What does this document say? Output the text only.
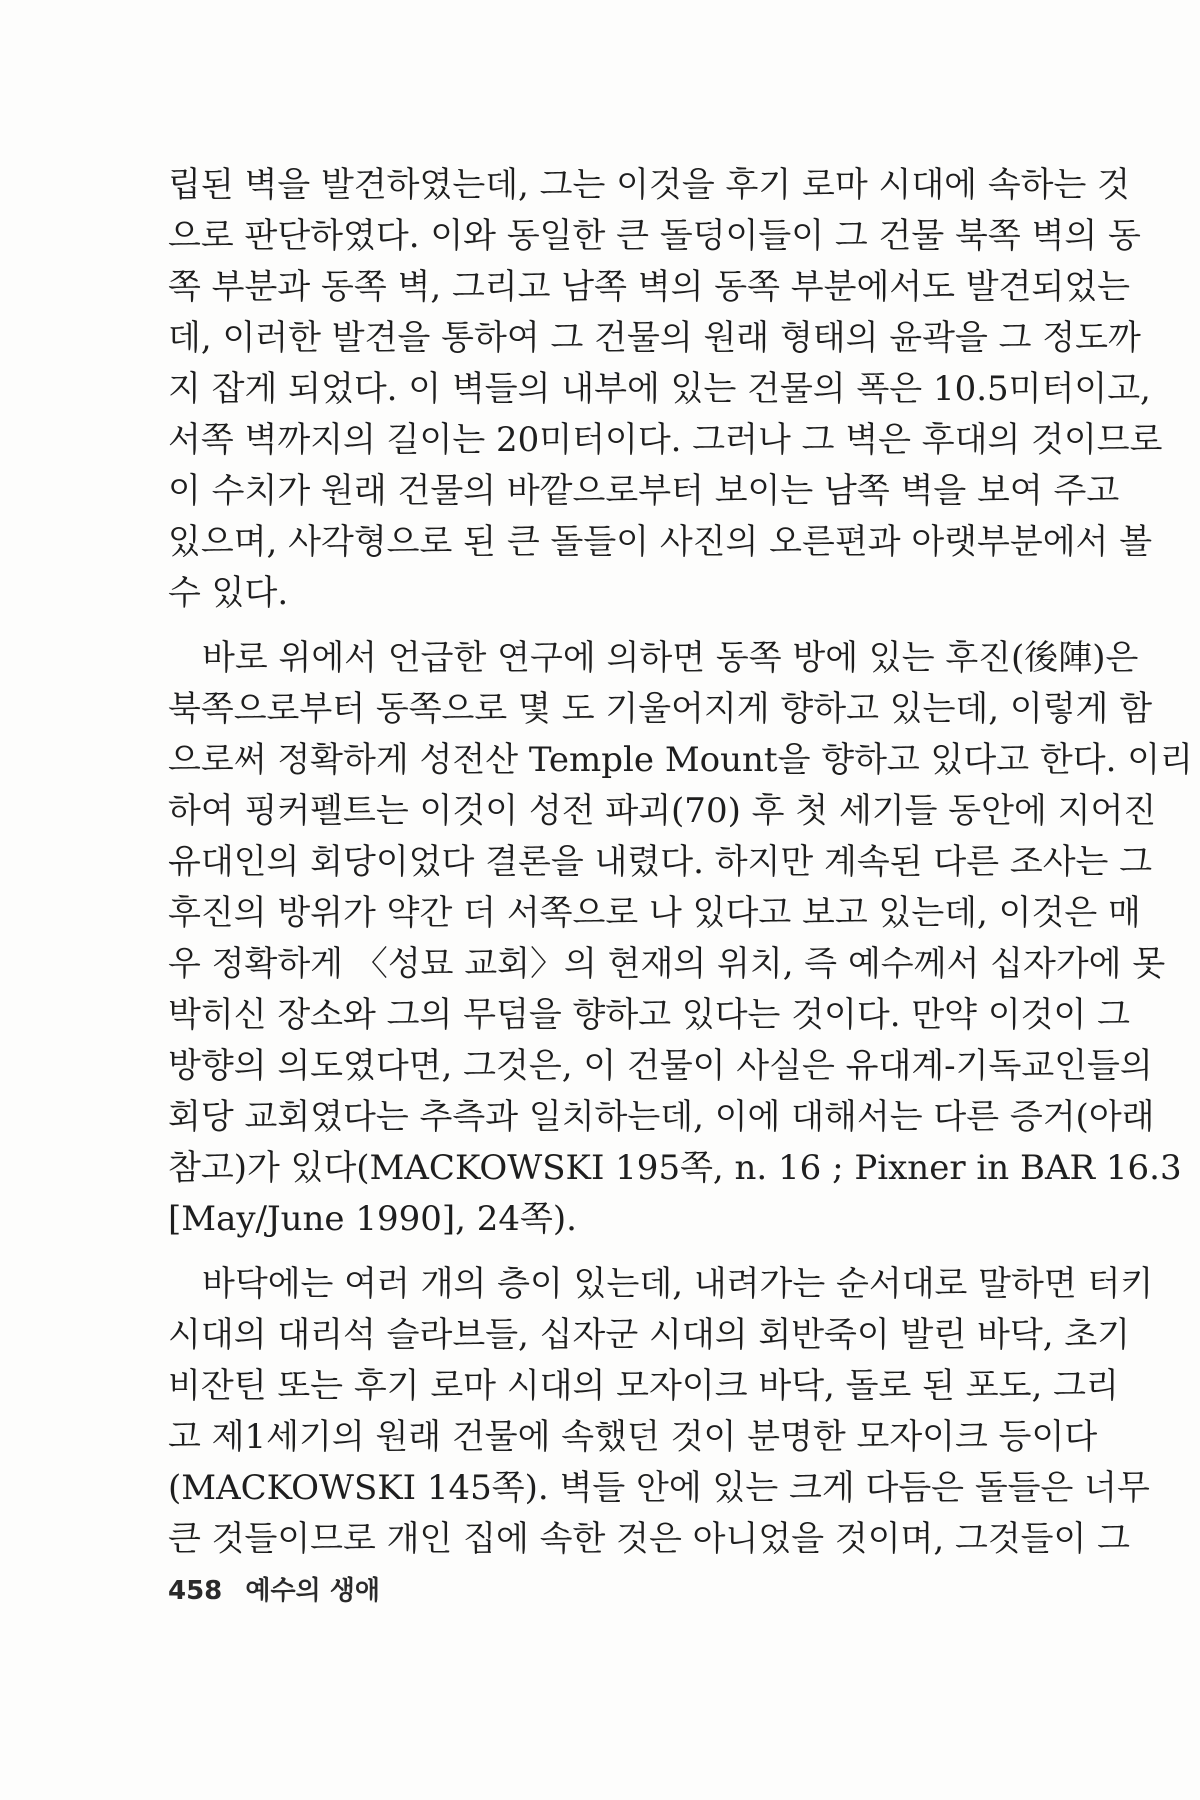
립된 벽을 발견하였는데, 그는 이것을 후기 로마 시대에 속하는 것
으로 판단하였다. 이와 동일한 큰 돌덩이들이 그 건물 북쪽 벽의 동
쪽 부분과 동쪽 벽, 그리고 남쪽 벽의 동쪽 부분에서도 발견되었는
데, 이러한 발견을 통하여 그 건물의 원래 형태의 윤곽을 그 정도까
지 잡게 되었다. 이 벽들의 내부에 있는 건물의 폭은 10.5미터이고,
서쪽 벽까지의 길이는 20미터이다. 그러나 그 벽은 후대의 것이므로
이 수치가 원래 건물의 바깥으로부터 보이는 남쪽 벽을 보여 주고
있으며, 사각형으로 된 큰 돌들이 사진의 오른편과 아랫부분에서 볼
수 있다.
바로 위에서 언급한 연구에 의하면 동쪽 방에 있는 후진(後陣)은
북쪽으로부터 동쪽으로 몇 도 기울어지게 향하고 있는데, 이렇게 함
으로써 정확하게 성전산 Temple Mount을 향하고 있다고 한다. 이리
하여 핑커펠트는 이것이 성전 파괴(70) 후 첫 세기들 동안에 지어진
유대인의 회당이었다 결론을 내렸다. 하지만 계속된 다른 조사는 그
후진의 방위가 약간 더 서쪽으로 나 있다고 보고 있는데, 이것은 매
우 정확하게 〈성묘 교회〉의 현재의 위치, 즉 예수께서 십자가에 못
박히신 장소와 그의 무덤을 향하고 있다는 것이다. 만약 이것이 그
방향의 의도였다면, 그것은, 이 건물이 사실은 유대계-기독교인들의
회당 교회였다는 추측과 일치하는데, 이에 대해서는 다른 증거(아래
참고)가 있다(MACKOWSKI 195쪽, n. 16 ; Pixner in BAR 16.3
[May/June 1990], 24쪽).
바닥에는 여러 개의 층이 있는데, 내려가는 순서대로 말하면 터키
시대의 대리석 슬라브들, 십자군 시대의 회반죽이 발린 바닥, 초기
비잔틴 또는 후기 로마 시대의 모자이크 바닥, 돌로 된 포도, 그리
고 제1세기의 원래 건물에 속했던 것이 분명한 모자이크 등이다
(MACKOWSKI 145쪽). 벽들 안에 있는 크게 다듬은 돌들은 너무
큰 것들이므로 개인 집에 속한 것은 아니었을 것이며, 그것들이 그
458 예수의 생애
